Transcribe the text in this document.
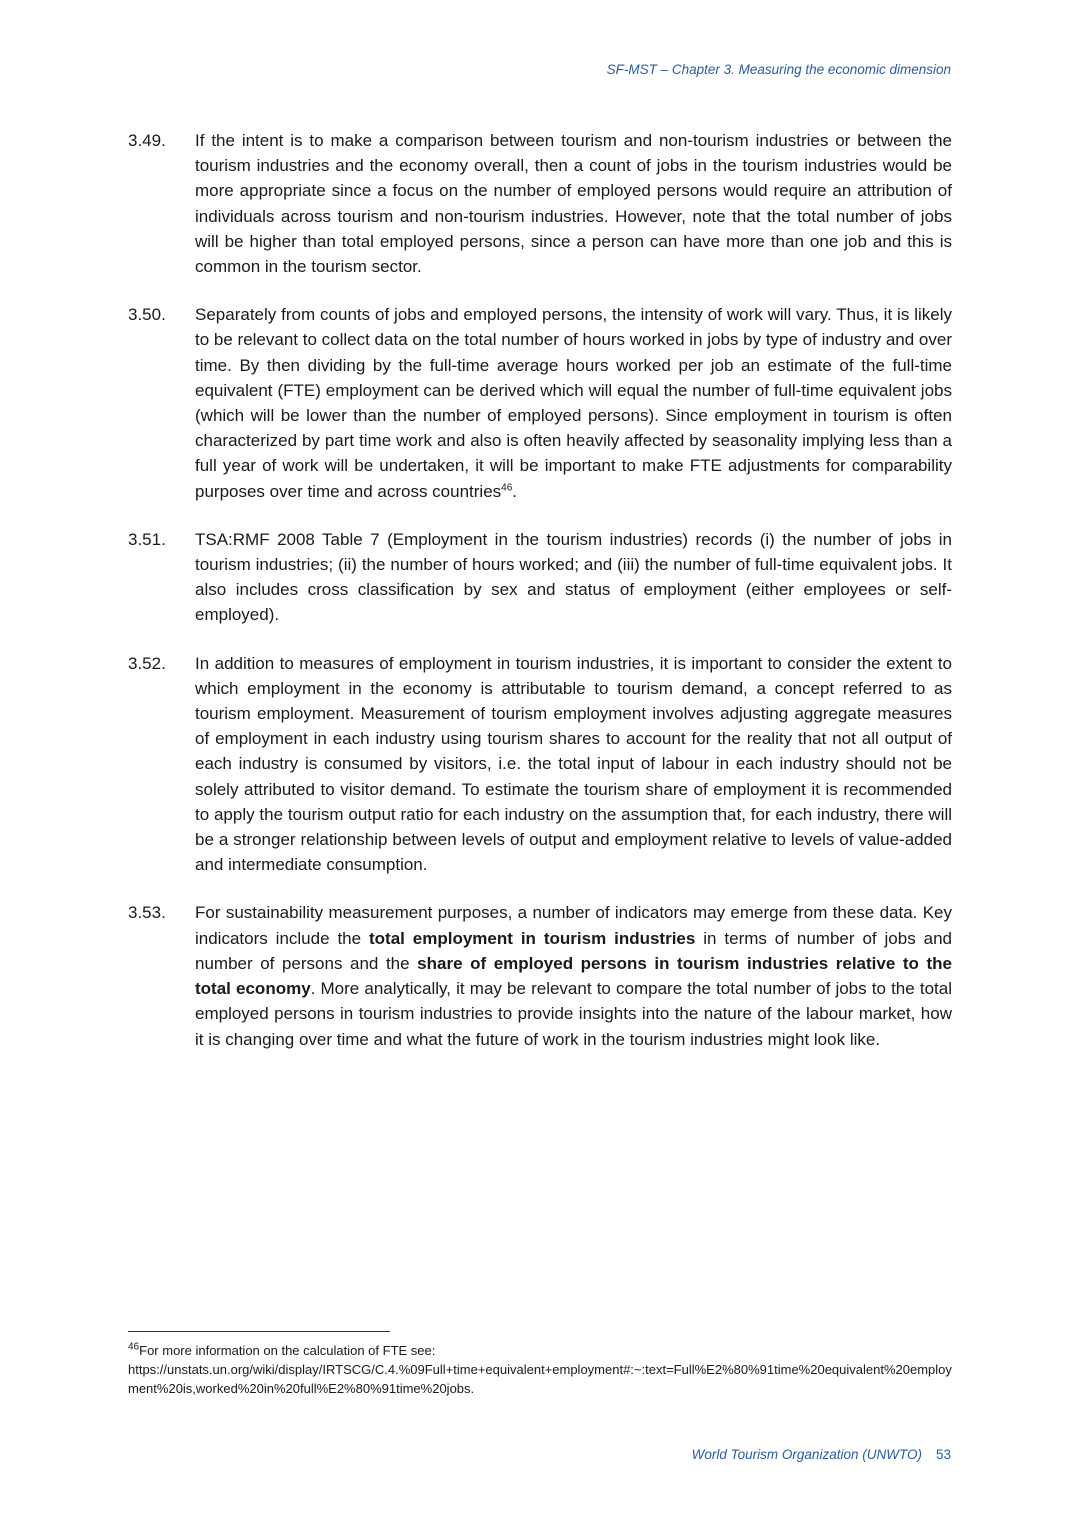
SF-MST – Chapter 3. Measuring the economic dimension
3.49.	If the intent is to make a comparison between tourism and non-tourism industries or between the tourism industries and the economy overall, then a count of jobs in the tourism industries would be more appropriate since a focus on the number of employed persons would require an attribution of individuals across tourism and non-tourism industries. However, note that the total number of jobs will be higher than total employed persons, since a person can have more than one job and this is common in the tourism sector.
3.50.	Separately from counts of jobs and employed persons, the intensity of work will vary. Thus, it is likely to be relevant to collect data on the total number of hours worked in jobs by type of industry and over time. By then dividing by the full-time average hours worked per job an estimate of the full-time equivalent (FTE) employment can be derived which will equal the number of full-time equivalent jobs (which will be lower than the number of employed persons). Since employment in tourism is often characterized by part time work and also is often heavily affected by seasonality implying less than a full year of work will be undertaken, it will be important to make FTE adjustments for comparability purposes over time and across countries$^{46}$.
3.51.	TSA:RMF 2008 Table 7 (Employment in the tourism industries) records (i) the number of jobs in tourism industries; (ii) the number of hours worked; and (iii) the number of full-time equivalent jobs. It also includes cross classification by sex and status of employment (either employees or self-employed).
3.52.	In addition to measures of employment in tourism industries, it is important to consider the extent to which employment in the economy is attributable to tourism demand, a concept referred to as tourism employment. Measurement of tourism employment involves adjusting aggregate measures of employment in each industry using tourism shares to account for the reality that not all output of each industry is consumed by visitors, i.e. the total input of labour in each industry should not be solely attributed to visitor demand. To estimate the tourism share of employment it is recommended to apply the tourism output ratio for each industry on the assumption that, for each industry, there will be a stronger relationship between levels of output and employment relative to levels of value-added and intermediate consumption.
3.53.	For sustainability measurement purposes, a number of indicators may emerge from these data. Key indicators include the total employment in tourism industries in terms of number of jobs and number of persons and the share of employed persons in tourism industries relative to the total economy. More analytically, it may be relevant to compare the total number of jobs to the total employed persons in tourism industries to provide insights into the nature of the labour market, how it is changing over time and what the future of work in the tourism industries might look like.
$^{46}$For more information on the calculation of FTE see:
https://unstats.un.org/wiki/display/IRTSCG/C.4.%09Full+time+equivalent+employment#:~:text=Full%E2%80%91time%20equivalent%20employment%20is,worked%20in%20full%E2%80%91time%20jobs.
World Tourism Organization (UNWTO) 53
